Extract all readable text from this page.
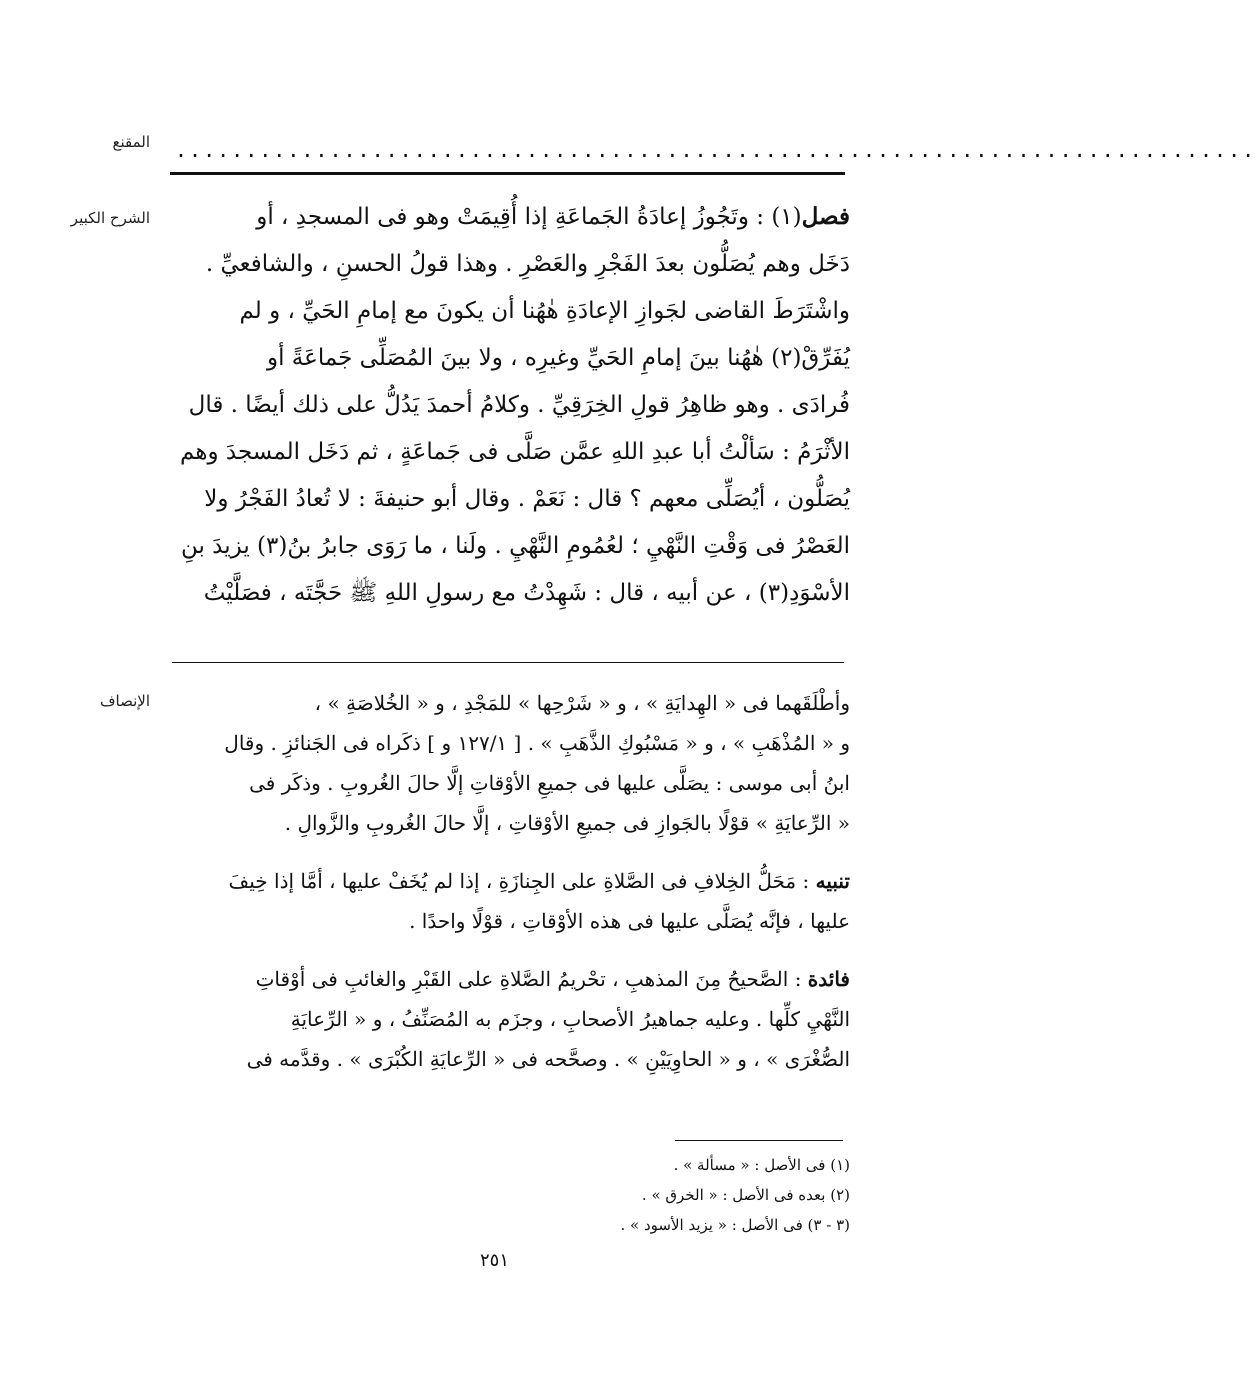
المقنع .............................................................................
الشرح الكبير	فصل(١) : وتَجُوزُ إعادَةُ الجَماعَةِ إذا أُقِيمَتْ وهو فى المسجدِ ، أو
دَخَل وهم يُصَلُّون بعدَ الفَجْرِ والعَصْرِ . وهذا قولُ الحسنِ ، والشافعيِّ .
واشْتَرَطَ القاضى لجَوازِ الإعادَةِ هٰهُنا أن يكونَ مع إمامِ الحَيِّ ، و لم
يُفَرِّقْ(٢) هٰهُنا بينَ إمامِ الحَيِّ وغيرِه ، ولا بينَ المُصَلِّى جَماعَةً أو
فُرادَى . وهو ظاهِرُ قولِ الخِرَقِيِّ . وكلامُ أحمدَ يَدُلُّ على ذلك أيضًا . قال
الأثْرَمُ : سَألْتُ أبا عبدِ اللهِ عمَّن صَلَّى فى جَماعَةٍ ، ثم دَخَل المسجدَ وهم
يُصَلُّون ، أيُصَلِّى معهم ؟ قال : نَعَمْ . وقال أبو حنيفةَ : لا تُعادُ الفَجْرُ ولا
العَصْرُ فى وَقْتِ النَّهْيِ ؛ لعُمُومِ النَّهْيِ . ولَنا ، ما رَوَى جابرُ بنُ(٣) يزيدَ بنِ
الأسْوَدِ(٣) ، عن أبيه ، قال : شَهِدْتُ مع رسولِ اللهِ ﷺ حَجَّتَه ، فصَلَّيْتُ
الإنصاف	وأطْلَقَهما فى « الهِدايَةِ » ، و « شَرْحِها » للمَجْدِ ، و « الخُلاصَةِ » ،
و « المُذْهَبِ » ، و « مَسْبُوكِ الذَّهَبِ » . [ ١٢٧/١ و ] ذكَراه فى الجَنائزِ . وقال
ابنُ أبى موسى : يصَلَّى عليها فى جميعِ الأوْقاتِ إلَّا حالَ الغُروبِ . وذكَر فى
« الرِّعايَةِ » قوْلًا بالجَوازِ فى جميعِ الأوْقاتِ ، إلَّا حالَ الغُروبِ والزَّوالِ .
تنبيه : مَحَلُّ الخِلافِ فى الصَّلاةِ على الجِنازَةِ ، إذا لم يُخَفْ عليها ، أمَّا إذا خِيفَ
عليها ، فإنَّه يُصَلَّى عليها فى هذه الأوْقاتِ ، قوْلًا واحدًا .
فائدة : الصَّحيحُ مِنَ المذهبِ ، تحْريمُ الصَّلاةِ على القَبْرِ والغائبِ فى أوْقاتِ
النَّهْيِ كلِّها . وعليه جماهيرُ الأصحابِ ، وجزَم به المُصَنِّفُ ، و « الرِّعايَةِ
الصُّغْرَى » ، و « الحاوِيَيْنِ » . وصحَّحه فى « الرِّعايَةِ الكُبْرَى » . وقدَّمه فى
(١) فى الأصل : « مسألة » .
(٢) بعده فى الأصل : « الخرق » .
(٣ - ٣) فى الأصل : « يزيد الأسود » .
٢٥١
